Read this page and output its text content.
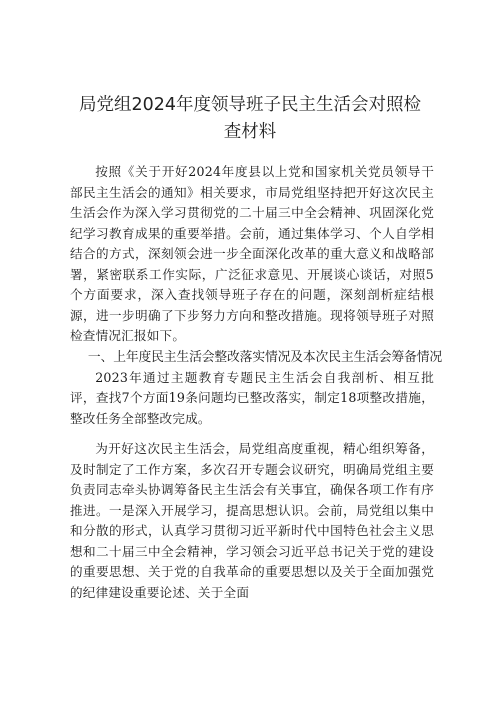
局党组2024年度领导班子民主生活会对照检
查材料

按照《关于开好2024年度县以上党和国家机关党员领导干部民主生活会的通知》相关要求，市局党组坚持把开好这次民主生活会作为深入学习贯彻党的二十届三中全会精神、巩固深化党纪学习教育成果的重要举措。会前，通过集体学习、个人自学相结合的方式，深刻领会进一步全面深化改革的重大意义和战略部署，紧密联系工作实际，广泛征求意见、开展谈心谈话，对照5个方面要求，深入查找领导班子存在的问题，深刻剖析症结根源，进一步明确了下步努力方向和整改措施。现将领导班子对照检查情况汇报如下。

一、上年度民主生活会整改落实情况及本次民主生活会筹备情况

2023年通过主题教育专题民主生活会自我剖析、相互批评，查找7个方面19条问题均已整改落实，制定18项整改措施，整改任务全部整改完成。

为开好这次民主生活会，局党组高度重视，精心组织筹备，及时制定了工作方案，多次召开专题会议研究，明确局党组主要负责同志牵头协调筹备民主生活会有关事宜，确保各项工作有序推进。一是深入开展学习，提高思想认识。会前，局党组以集中和分散的形式，认真学习贯彻习近平新时代中国特色社会主义思想和二十届三中全会精神，学习领会习近平总书记关于党的建设的重要思想、关于党的自我革命的重要思想以及关于全面加强党的纪律建设重要论述、关于全面
